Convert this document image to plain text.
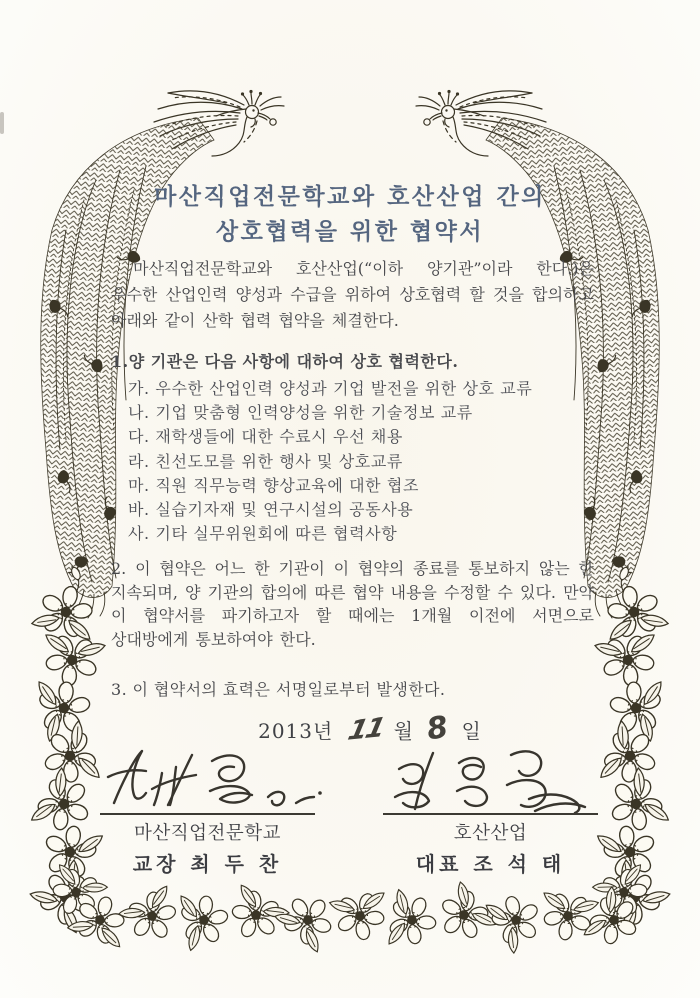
마산직업전문학교와 호산산업 간의
상호협력을 위한 협약서

마산직업전문학교와 호산산업(“이하 양기관”이라 한다.)은 우수한 산업인력 양성과 수급을 위하여 상호협력 할 것을 합의하고 아래와 같이 산학 협력 협약을 체결한다.

1.양 기관은 다음 사항에 대하여 상호 협력한다.
가. 우수한 산업인력 양성과 기업 발전을 위한 상호 교류
나. 기업 맞춤형 인력양성을 위한 기술정보 교류
다. 재학생들에 대한 수료시 우선 채용
라. 친선도모를 위한 행사 및 상호교류
마. 직원 직무능력 향상교육에 대한 협조
바. 실습기자재 및 연구시설의 공동사용
사. 기타 실무위원회에 따른 협력사항

2. 이 협약은 어느 한 기관이 이 협약의 종료를 통보하지 않는 한 지속되며, 양 기관의 합의에 따른 협약 내용을 수정할 수 있다. 만약 이 협약서를 파기하고자 할 때에는 1개월 이전에 서면으로 상대방에게 통보하여야 한다.

3. 이 협약서의 효력은 서명일로부터 발생한다.

2013년 11 월 8 일
마산직업전문학교
교장 최 두 찬
호산산업
대표 조 석 태
